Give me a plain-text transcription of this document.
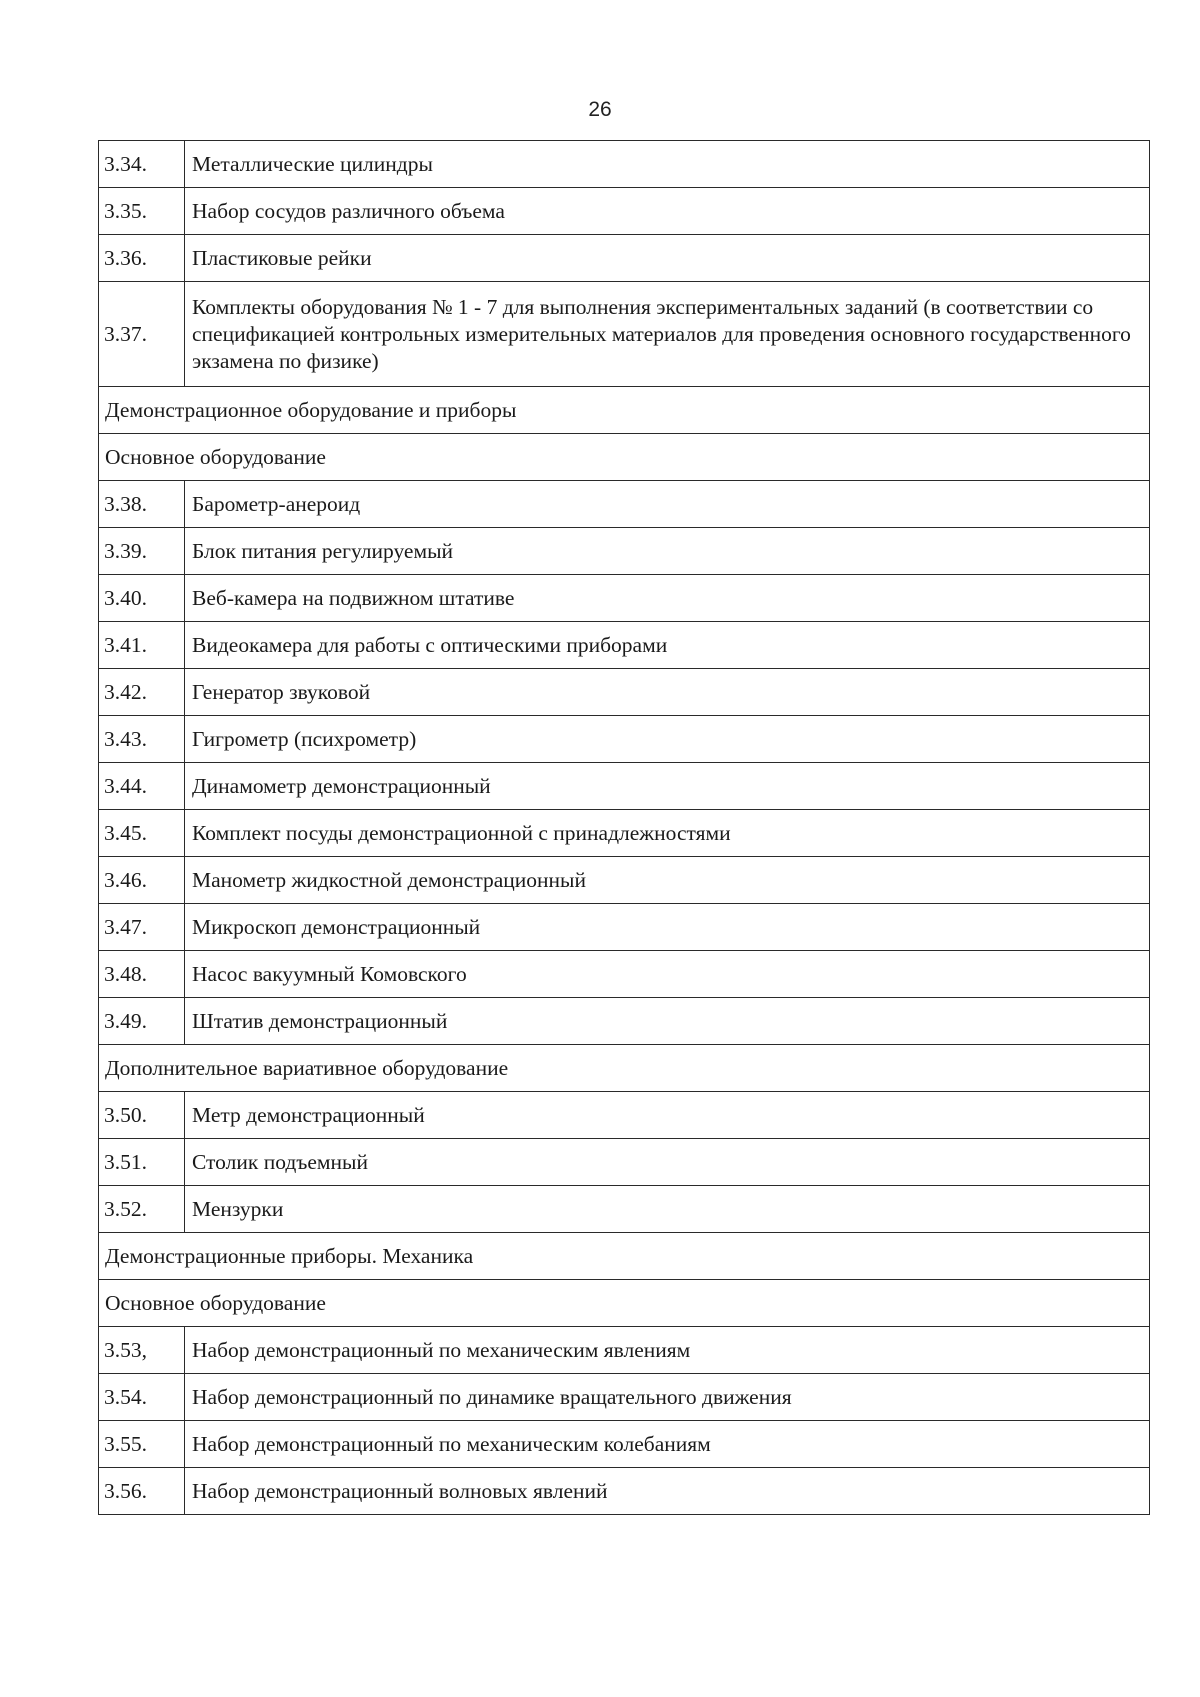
26
3.34.	Металлические цилиндры
3.35.	Набор сосудов различного объема
3.36.	Пластиковые рейки
3.37.	Комплекты оборудования № 1 - 7 для выполнения экспериментальных заданий (в соответствии со спецификацией контрольных измерительных материалов для проведения основного государственного экзамена по физике)
Демонстрационное оборудование и приборы	
Основное оборудование	
3.38.	Барометр-анероид
3.39.	Блок питания регулируемый
3.40.	Веб-камера на подвижном штативе
3.41.	Видеокамера для работы с оптическими приборами
3.42.	Генератор звуковой
3.43.	Гигрометр (психрометр)
3.44.	Динамометр демонстрационный
3.45.	Комплект посуды демонстрационной с принадлежностями
3.46.	Манометр жидкостной демонстрационный
3.47.	Микроскоп демонстрационный
3.48.	Насос вакуумный Комовского
3.49.	Штатив демонстрационный
Дополнительное вариативное оборудование	
3.50.	Метр демонстрационный
3.51.	Столик подъемный
3.52.	Мензурки
Демонстрационные приборы. Механика	
Основное оборудование	
3.53,	Набор демонстрационный по механическим явлениям
3.54.	Набор демонстрационный по динамике вращательного движения
3.55.	Набор демонстрационный по механическим колебаниям
3.56.	Набор демонстрационный волновых явлений
